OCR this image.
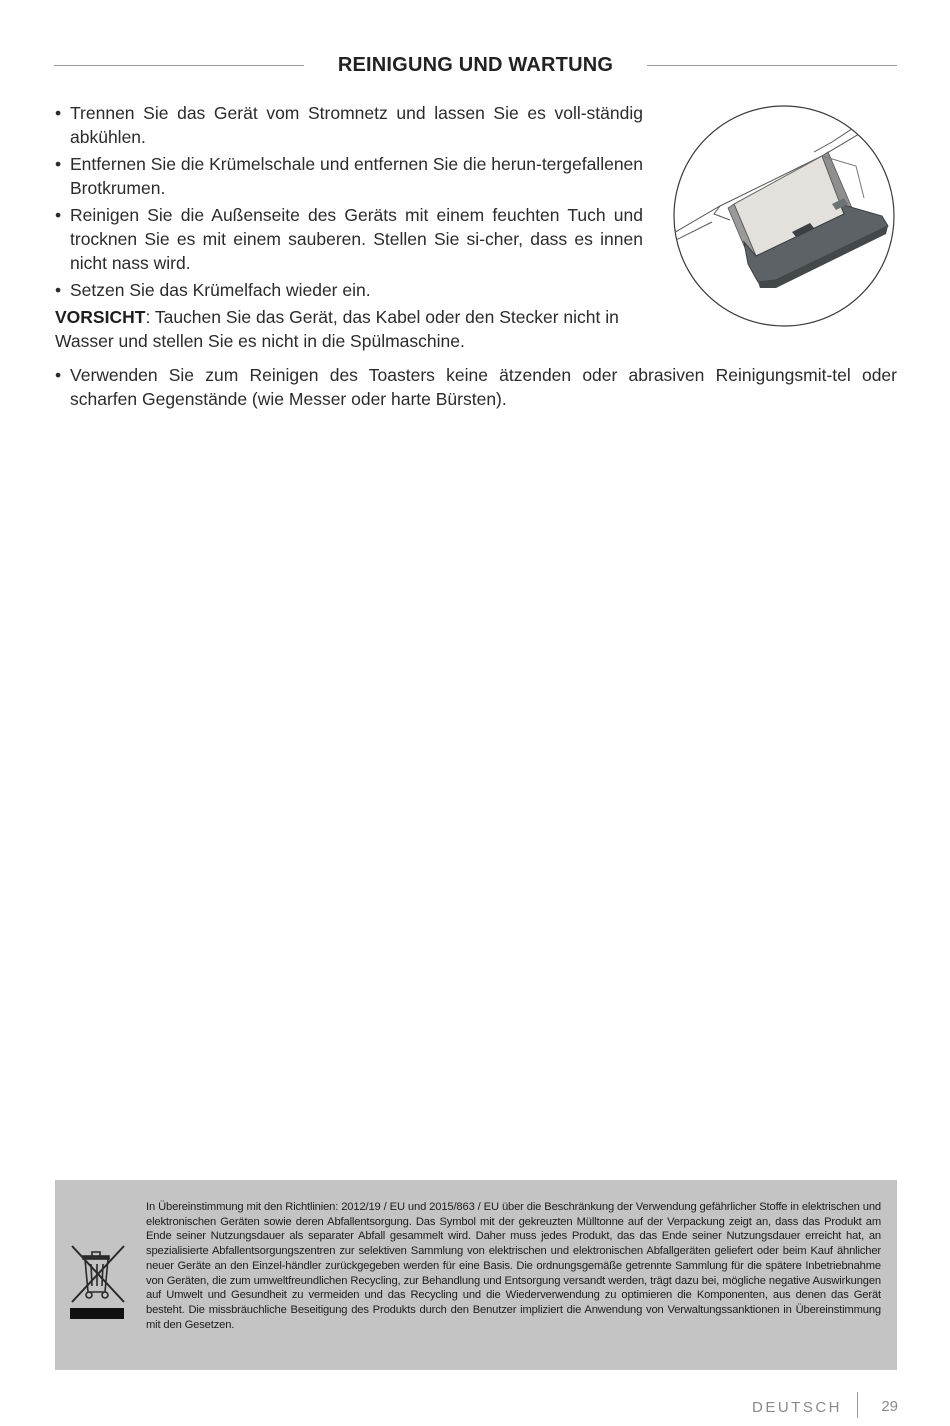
REINIGUNG UND WARTUNG
• Trennen Sie das Gerät vom Stromnetz und lassen Sie es voll-ständig abkühlen.
• Entfernen Sie die Krümelschale und entfernen Sie die herun-tergefallenen Brotkrumen.
• Reinigen Sie die Außenseite des Geräts mit einem feuchten Tuch und trocknen Sie es mit einem sauberen. Stellen Sie si-cher, dass es innen nicht nass wird.
• Setzen Sie das Krümelfach wieder ein.
VORSICHT: Tauchen Sie das Gerät, das Kabel oder den Stecker nicht in Wasser und stellen Sie es nicht in die Spülmaschine.
• Verwenden Sie zum Reinigen des Toasters keine ätzenden oder abrasiven Reinigungsmit-tel oder scharfen Gegenstände (wie Messer oder harte Bürsten).
In Übereinstimmung mit den Richtlinien: 2012/19 / EU und 2015/863 / EU über die Beschränkung der Verwendung gefährlicher Stoffe in elektrischen und elektronischen Geräten sowie deren Abfallentsorgung. Das Symbol mit der gekreuzten Mülltonne auf der Verpackung zeigt an, dass das Produkt am Ende seiner Nutzungsdauer als separater Abfall gesammelt wird. Daher muss jedes Produkt, das das Ende seiner Nutzungsdauer erreicht hat, an spezialisierte Abfallentsorgungszentren zur selektiven Sammlung von elektrischen und elektronischen Abfallgeräten geliefert oder beim Kauf ähnlicher neuer Geräte an den Einzel-händler zurückgegeben werden für eine Basis. Die ordnungsgemäße getrennte Sammlung für die spätere Inbetriebnahme von Geräten, die zum umweltfreundlichen Recycling, zur Behandlung und Entsorgung versandt werden, trägt dazu bei, mögliche negative Auswirkungen auf Umwelt und Gesundheit zu vermeiden und das Recycling und die Wiederverwendung zu optimieren die Komponenten, aus denen das Gerät besteht. Die missbräuchliche Beseitigung des Produkts durch den Benutzer impliziert die Anwendung von Verwaltungssanktionen in Übereinstimmung mit den Gesetzen.
DEUTSCH	29
